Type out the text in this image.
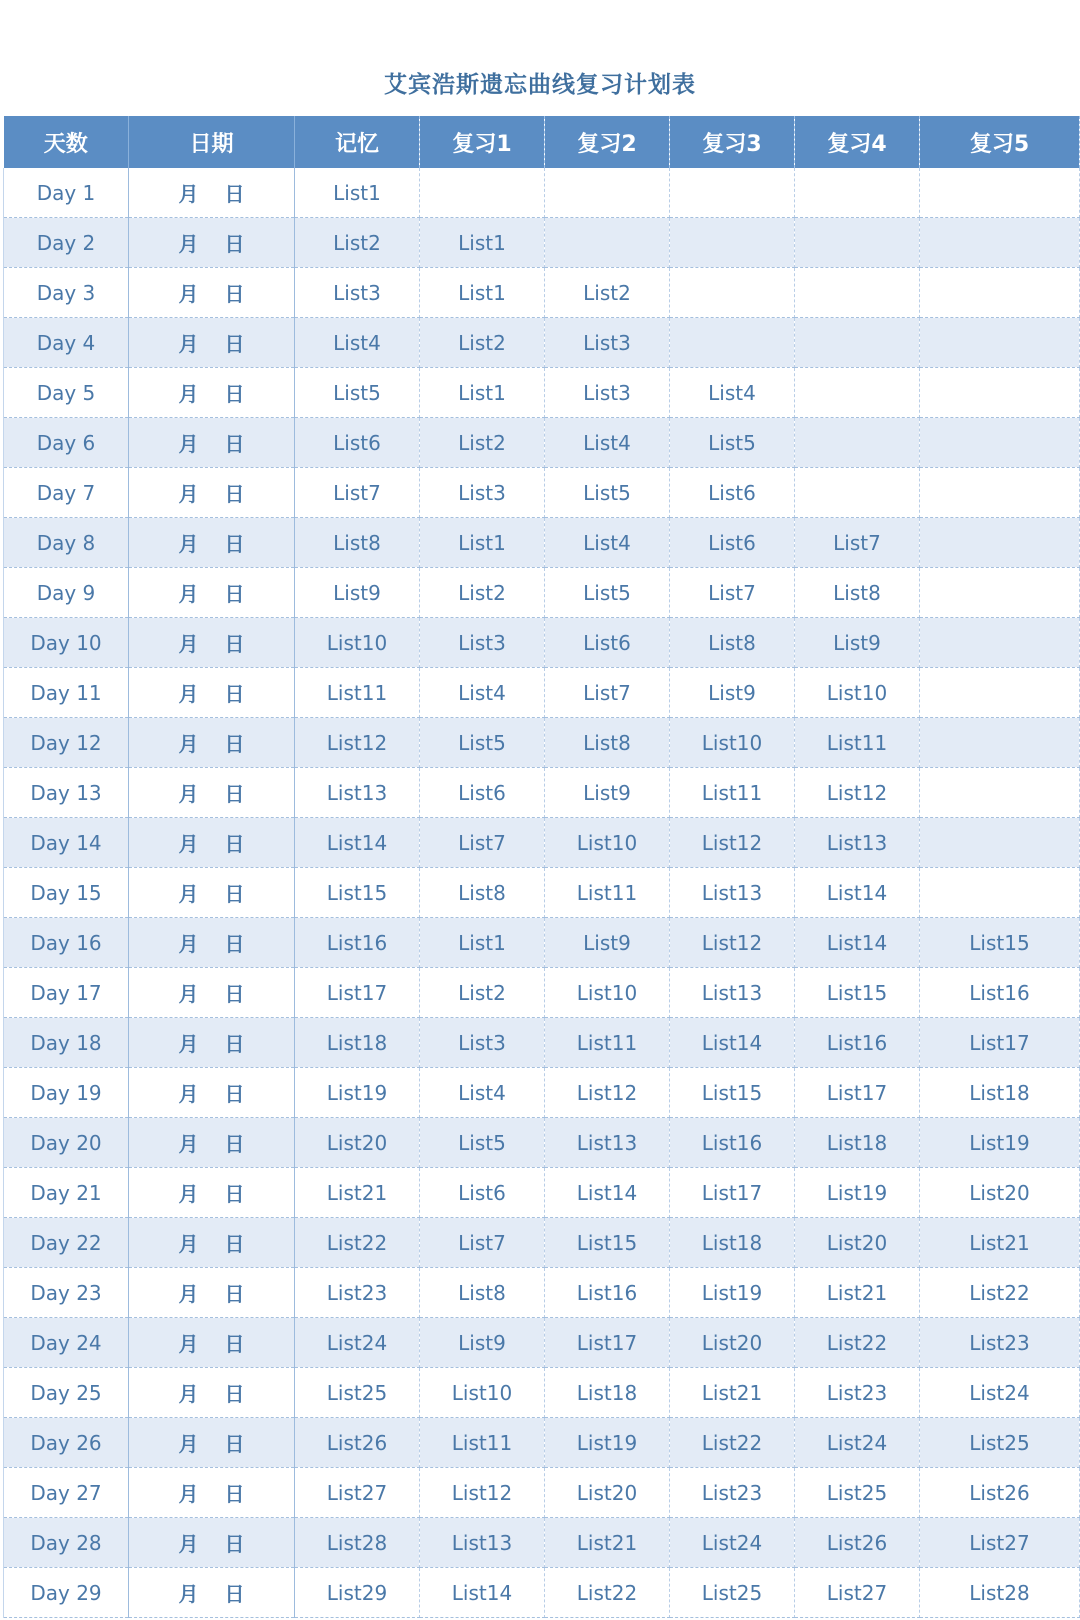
艾宾浩斯遗忘曲线复习计划表
天数	日期	记忆	复习1	复习2	复习3	复习4	复习5
Day 1	月 日	List1					
Day 2	月 日	List2	List1				
Day 3	月 日	List3	List1	List2			
Day 4	月 日	List4	List2	List3			
Day 5	月 日	List5	List1	List3	List4		
Day 6	月 日	List6	List2	List4	List5		
Day 7	月 日	List7	List3	List5	List6		
Day 8	月 日	List8	List1	List4	List6	List7	
Day 9	月 日	List9	List2	List5	List7	List8	
Day 10	月 日	List10	List3	List6	List8	List9	
Day 11	月 日	List11	List4	List7	List9	List10	
Day 12	月 日	List12	List5	List8	List10	List11	
Day 13	月 日	List13	List6	List9	List11	List12	
Day 14	月 日	List14	List7	List10	List12	List13	
Day 15	月 日	List15	List8	List11	List13	List14	
Day 16	月 日	List16	List1	List9	List12	List14	List15
Day 17	月 日	List17	List2	List10	List13	List15	List16
Day 18	月 日	List18	List3	List11	List14	List16	List17
Day 19	月 日	List19	List4	List12	List15	List17	List18
Day 20	月 日	List20	List5	List13	List16	List18	List19
Day 21	月 日	List21	List6	List14	List17	List19	List20
Day 22	月 日	List22	List7	List15	List18	List20	List21
Day 23	月 日	List23	List8	List16	List19	List21	List22
Day 24	月 日	List24	List9	List17	List20	List22	List23
Day 25	月 日	List25	List10	List18	List21	List23	List24
Day 26	月 日	List26	List11	List19	List22	List24	List25
Day 27	月 日	List27	List12	List20	List23	List25	List26
Day 28	月 日	List28	List13	List21	List24	List26	List27
Day 29	月 日	List29	List14	List22	List25	List27	List28
